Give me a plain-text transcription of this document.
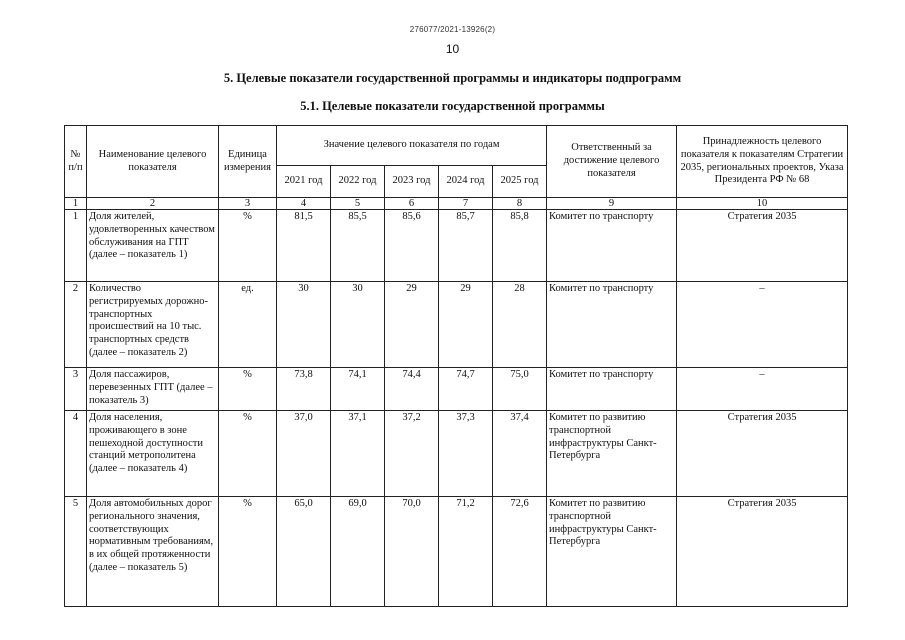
276077/2021-13926(2)
10
5. Целевые показатели государственной программы и индикаторы подпрограмм
5.1. Целевые показатели государственной программы
№ п/п	Наименование целевого показателя	Единица измерения	Значение целевого показателя по годам					Ответственный за достижение целевого показателя	Принадлежность целевого показателя к показателям Стратегии 2035, региональных проектов, Указа Президента РФ № 68
			2021 год	2022 год	2023 год	2024 год	2025 год		
1	2	3	4	5	6	7	8	9	10
1	Доля жителей, удовлетворенных качеством обслуживания на ГПТ (далее – показатель 1)	%	81,5	85,5	85,6	85,7	85,8	Комитет по транспорту	Стратегия 2035
2	Количество регистрируемых дорожно-транспортных происшествий на 10 тыс. транспортных средств (далее – показатель 2)	ед.	30	30	29	29	28	Комитет по транспорту	–
3	Доля пассажиров, перевезенных ГПТ (далее – показатель 3)	%	73,8	74,1	74,4	74,7	75,0	Комитет по транспорту	–
4	Доля населения, проживающего в зоне пешеходной доступности станций метрополитена (далее – показатель 4)	%	37,0	37,1	37,2	37,3	37,4	Комитет по развитию транспортной инфраструктуры Санкт-Петербурга	Стратегия 2035
5	Доля автомобильных дорог регионального значения, соответствующих нормативным требованиям, в их общей протяженности (далее – показатель 5)	%	65,0	69,0	70,0	71,2	72,6	Комитет по развитию транспортной инфраструктуры Санкт-Петербурга	Стратегия 2035
